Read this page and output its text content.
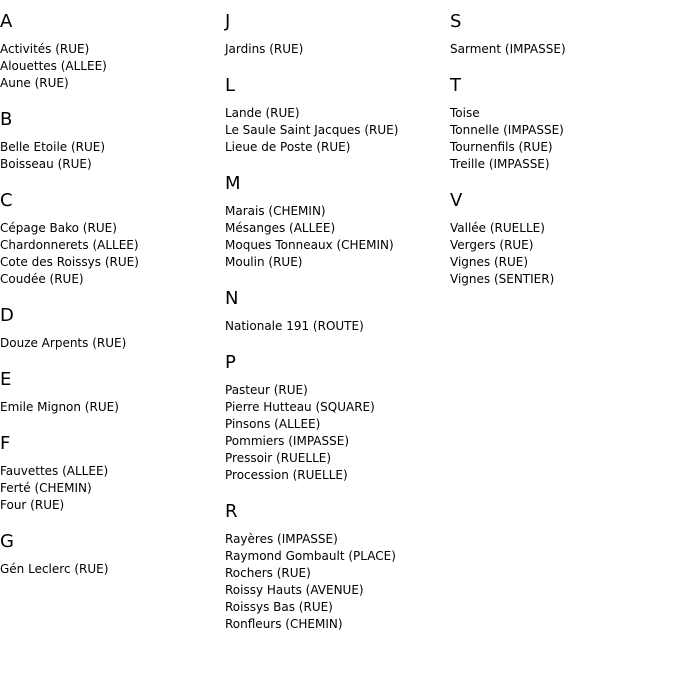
A
Activités (RUE)
Alouettes (ALLEE)
Aune (RUE)
B
Belle Etoile (RUE)
Boisseau (RUE)
C
Cépage Bako (RUE)
Chardonnerets (ALLEE)
Cote des Roissys (RUE)
Coudée (RUE)
D
Douze Arpents (RUE)
E
Emile Mignon (RUE)
F
Fauvettes (ALLEE)
Ferté (CHEMIN)
Four (RUE)
G
Gén Leclerc (RUE)
J
Jardins (RUE)
L
Lande (RUE)
Le Saule Saint Jacques (RUE)
Lieue de Poste (RUE)
M
Marais (CHEMIN)
Mésanges (ALLEE)
Moques Tonneaux (CHEMIN)
Moulin (RUE)
N
Nationale 191 (ROUTE)
P
Pasteur (RUE)
Pierre Hutteau (SQUARE)
Pinsons (ALLEE)
Pommiers (IMPASSE)
Pressoir (RUELLE)
Procession (RUELLE)
R
Rayères (IMPASSE)
Raymond Gombault (PLACE)
Rochers (RUE)
Roissy Hauts (AVENUE)
Roissys Bas (RUE)
Ronfleurs (CHEMIN)
S
Sarment (IMPASSE)
T
Toise
Tonnelle (IMPASSE)
Tournenfils (RUE)
Treille (IMPASSE)
V
Vallée (RUELLE)
Vergers (RUE)
Vignes (RUE)
Vignes (SENTIER)
